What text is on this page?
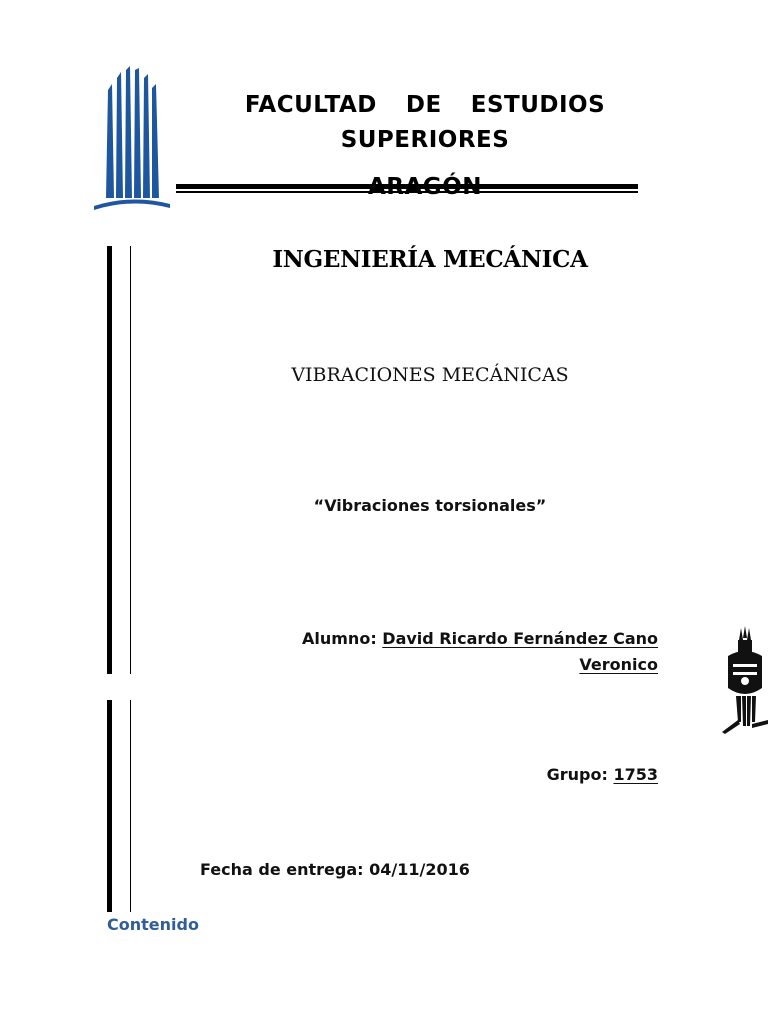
FACULTAD  DE  ESTUDIOS
SUPERIORES
ARAGÓN
INGENIERÍA MECÁNICA
VIBRACIONES MECÁNICAS
“Vibraciones torsionales”
Alumno: David Ricardo Fernández Cano
Veronico
Grupo: 1753
Fecha de entrega: 04/11/2016
Contenido
